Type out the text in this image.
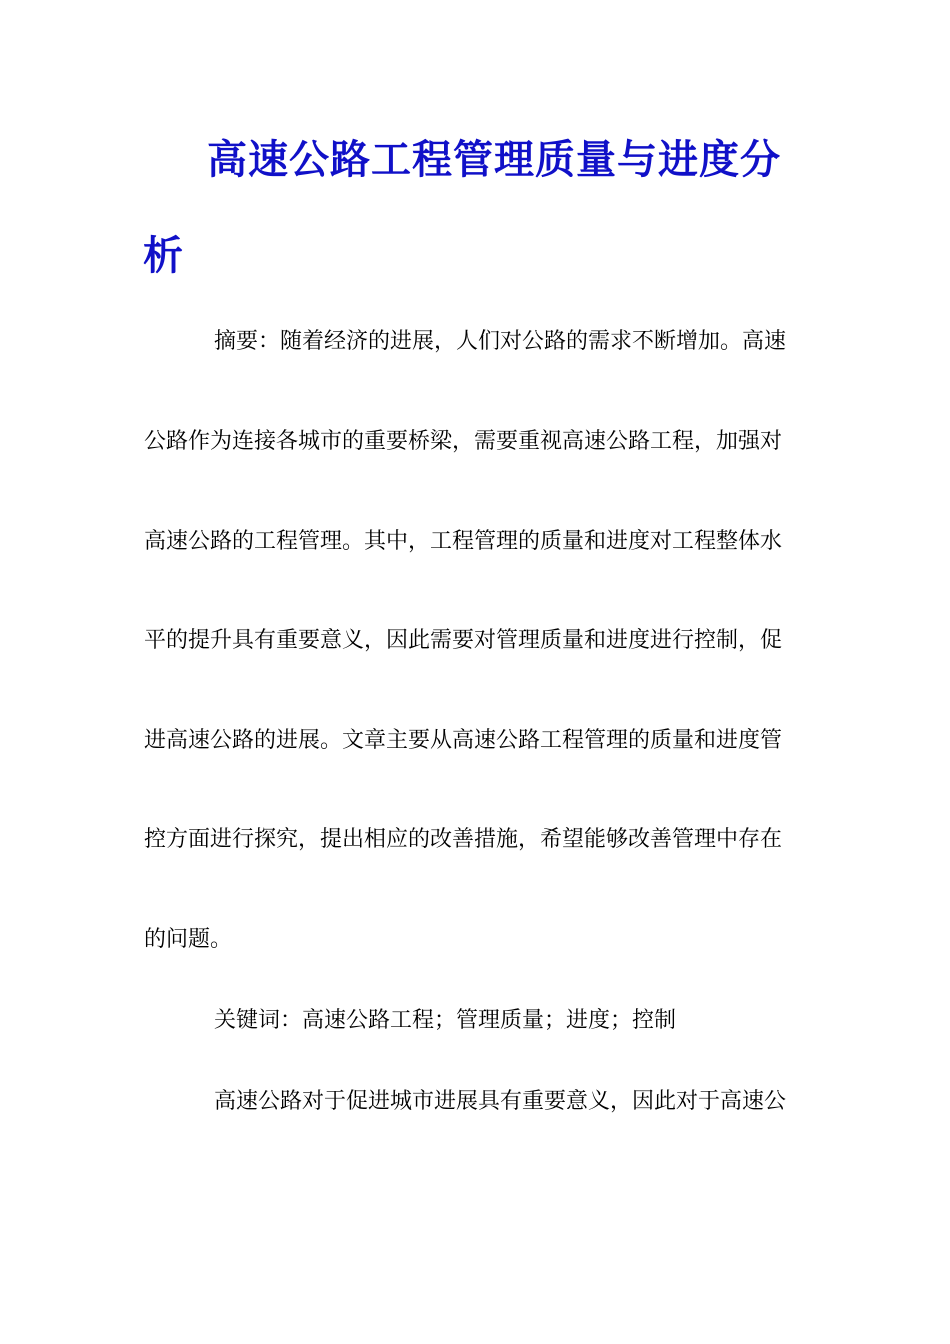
高速公路工程管理质量与进度分
析
摘要：随着经济的进展，人们对公路的需求不断增加。高速
公路作为连接各城市的重要桥梁，需要重视高速公路工程，加强对
高速公路的工程管理。其中，工程管理的质量和进度对工程整体水
平的提升具有重要意义，因此需要对管理质量和进度进行控制，促
进高速公路的进展。文章主要从高速公路工程管理的质量和进度管
控方面进行探究，提出相应的改善措施，希望能够改善管理中存在
的问题。
关键词：高速公路工程；管理质量；进度；控制
高速公路对于促进城市进展具有重要意义，因此对于高速公
